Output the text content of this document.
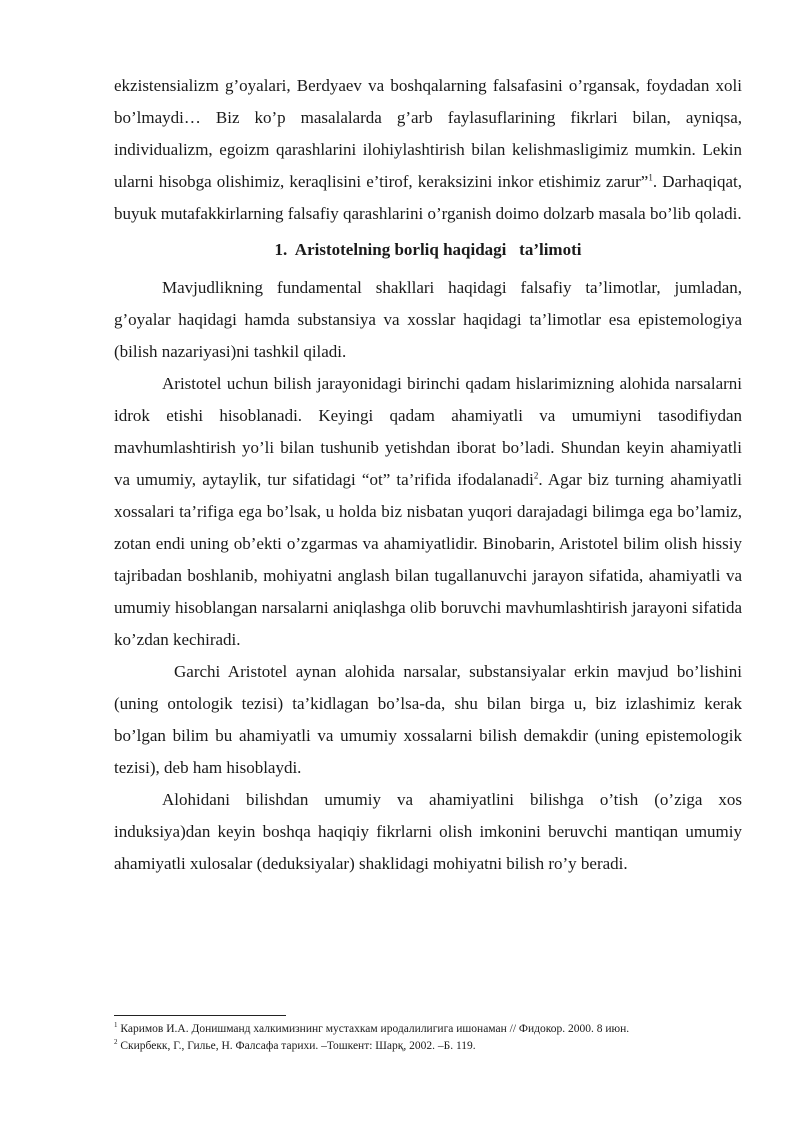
ekzistensializm g’oyalari, Berdyaev va boshqalarning falsafasini o’rgansak, foydadan xoli bo’lmaydi… Biz ko’p masalalarda g’arb faylasuflarining fikrlari bilan, ayniqsa, individualizm, egoizm qarashlarini ilohiylashtirish bilan kelishmasligimiz mumkin. Lekin ularni hisobga olishimiz, keraqlisini e’tirof, keraksizini inkor etishimiz zarur”$^1$. Darhaqiqat, buyuk mutafakkirlarning falsafiy qarashlarini o’rganish doimo dolzarb masala bo’lib qoladi.

1.  Aristotelning borliq haqidagi   ta’limoti

Mavjudlikning fundamental shakllari haqidagi falsafiy ta’limotlar, jumladan, g’oyalar haqidagi hamda substansiya va xosslar haqidagi ta’limotlar esa epistemologiya (bilish nazariyasi)ni tashkil qiladi.

Aristotel uchun bilish jarayonidagi birinchi qadam hislarimizning alohida narsalarni idrok etishi hisoblanadi. Keyingi qadam ahamiyatli va umumiyni tasodifiydan mavhumlashtirish yo’li bilan tushunib yetishdan iborat bo’ladi. Shundan keyin ahamiyatli va umumiy, aytaylik, tur sifatidagi “ot” ta’rifida ifodalanadi$^2$. Agar biz turning ahamiyatli xossalari ta’rifiga ega bo’lsak, u holda biz nisbatan yuqori darajadagi bilimga ega bo’lamiz, zotan endi uning ob’ekti o’zgarmas va ahamiyatlidir. Binobarin, Aristotel bilim olish hissiy tajribadan boshlanib, mohiyatni anglash bilan tugallanuvchi jarayon sifatida, ahamiyatli va umumiy hisoblangan narsalarni aniqlashga olib boruvchi mavhumlashtirish jarayoni sifatida ko’zdan kechiradi.

Garchi Aristotel aynan alohida narsalar, substansiyalar erkin mavjud bo’lishini (uning ontologik tezisi) ta’kidlagan bo’lsa-da, shu bilan birga u, biz izlashimiz kerak bo’lgan bilim bu ahamiyatli va umumiy xossalarni bilish demakdir (uning epistemologik tezisi), deb ham hisoblaydi.

Alohidani bilishdan umumiy va ahamiyatlini bilishga o’tish (o’ziga xos induksiya)dan keyin boshqa haqiqiy fikrlarni olish imkonini beruvchi mantiqan umumiy ahamiyatli xulosalar (deduksiyalar) shaklidagi mohiyatni bilish ro’y beradi.

$^1$ Каримов И.А. Донишманд халкимизнинг мустахкам иродалилигига ишонаман // Фидокор. 2000. 8 июн.
$^2$ Скирбекк, Г., Гилье, Н. Фалсафа тарихи. –Тошкент: Шарқ, 2002. –Б. 119.
